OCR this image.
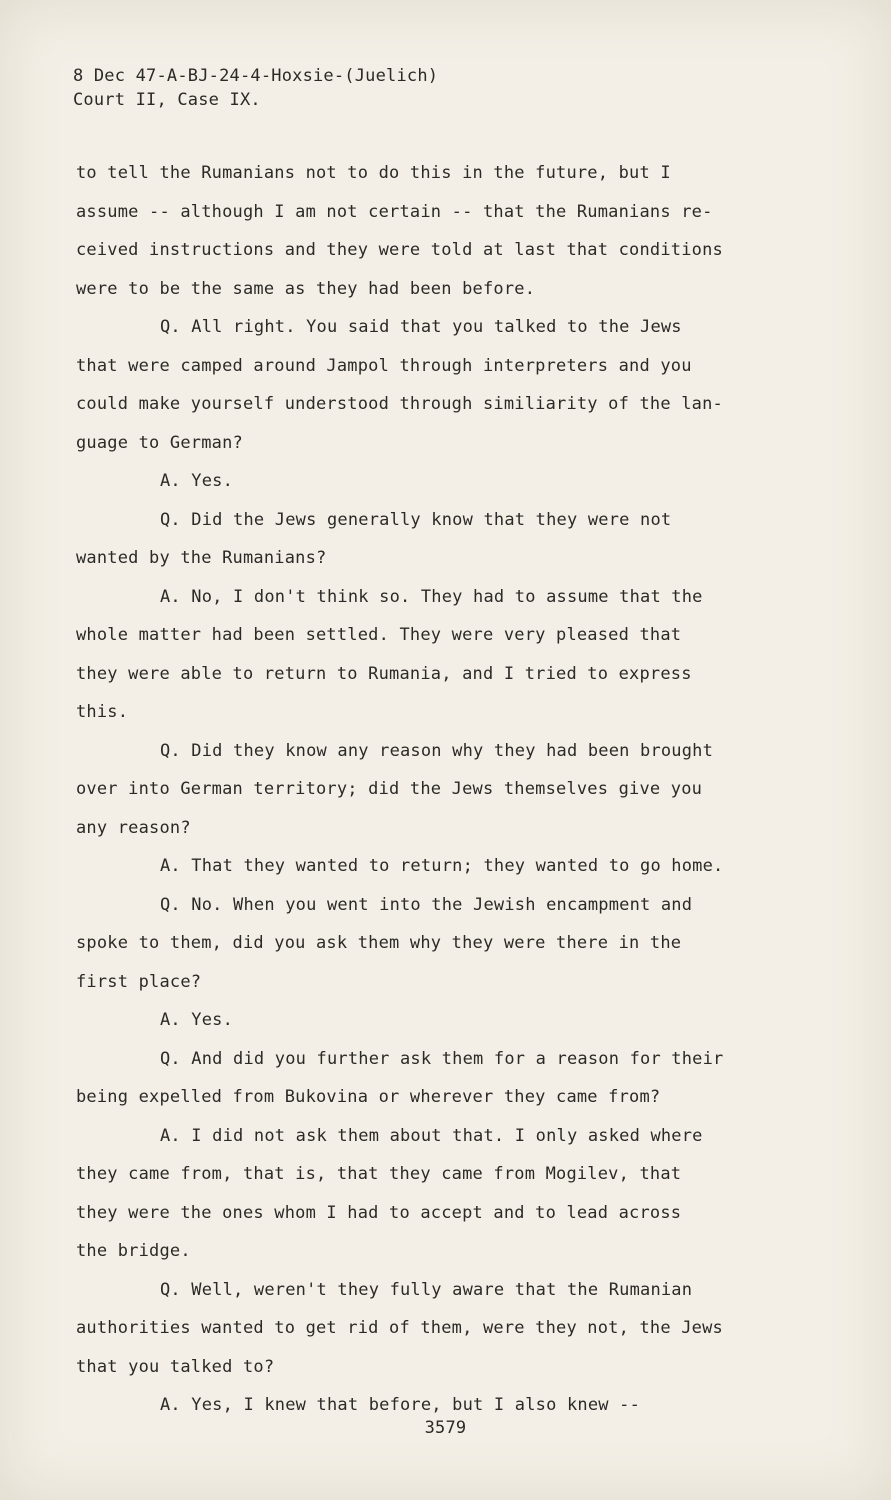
8 Dec 47-A-BJ-24-4-Hoxsie-(Juelich)
Court II, Case IX.
to tell the Rumanians not to do this in the future, but I
assume -- although I am not certain -- that the Rumanians re-
ceived instructions and they were told at last that conditions
were to be the same as they had been before.
Q. All right. You said that you talked to the Jews
that were camped around Jampol through interpreters and you
could make yourself understood through similiarity of the lan-
guage to German?
A. Yes.
Q. Did the Jews generally know that they were not
wanted by the Rumanians?
A. No, I don't think so. They had to assume that the
whole matter had been settled. They were very pleased that
they were able to return to Rumania, and I tried to express
this.
Q. Did they know any reason why they had been brought
over into German territory; did the Jews themselves give you
any reason?
A. That they wanted to return; they wanted to go home.
Q. No. When you went into the Jewish encampment and
spoke to them, did you ask them why they were there in the
first place?
A. Yes.
Q. And did you further ask them for a reason for their
being expelled from Bukovina or wherever they came from?
A. I did not ask them about that. I only asked where
they came from, that is, that they came from Mogilev, that
they were the ones whom I had to accept and to lead across
the bridge.
Q. Well, weren't they fully aware that the Rumanian
authorities wanted to get rid of them, were they not, the Jews
that you talked to?
A. Yes, I knew that before, but I also knew --
3579
